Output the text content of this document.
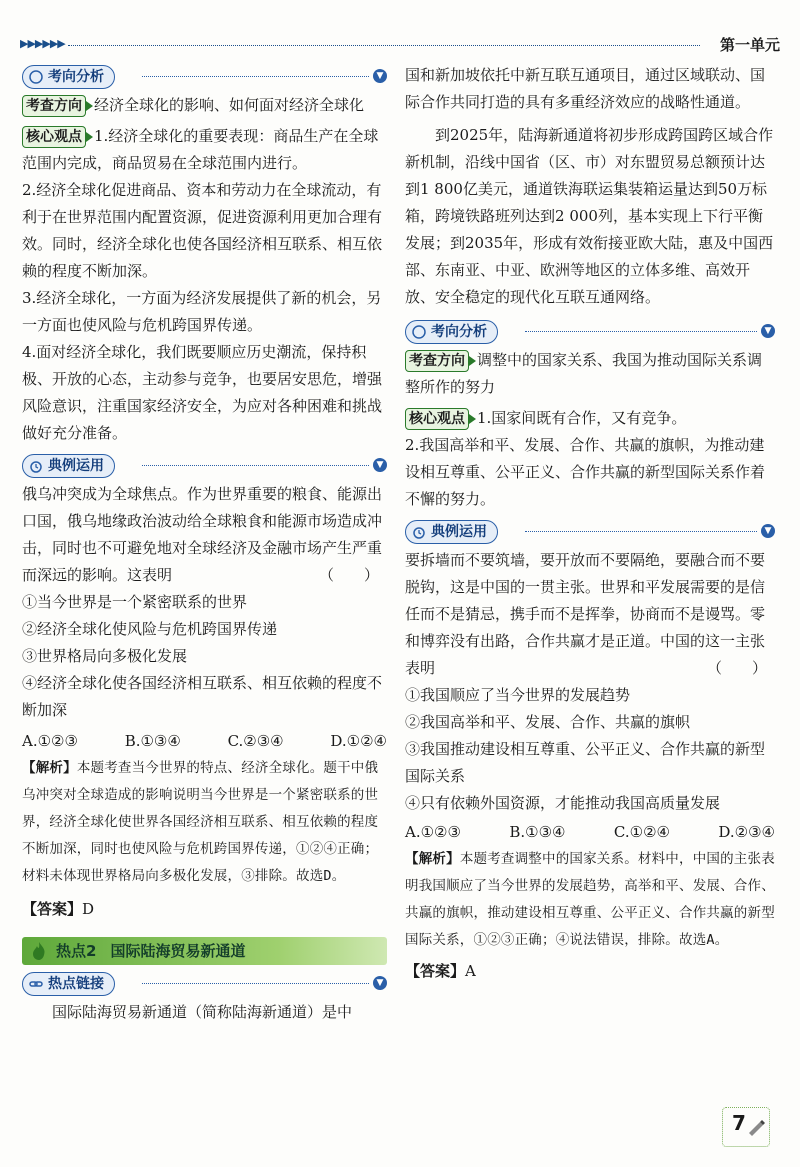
▶▶▶▶▶▶	第一单元
考向分析	▼

考查方向 经济全球化的影响、如何面对经济全球化

核心观点 1.经济全球化的重要表现：商品生产在全球范围内完成，商品贸易在全球范围内进行。

2.经济全球化促进商品、资本和劳动力在全球流动，有利于在世界范围内配置资源，促进资源利用更加合理有效。同时，经济全球化也使各国经济相互联系、相互依赖的程度不断加深。

3.经济全球化，一方面为经济发展提供了新的机会，另一方面也使风险与危机跨国界传递。

4.面对经济全球化，我们既要顺应历史潮流，保持积极、开放的心态，主动参与竞争，也要居安思危，增强风险意识，注重国家经济安全，为应对各种困难和挑战做好充分准备。

典例运用	▼

俄乌冲突成为全球焦点。作为世界重要的粮食、能源出口国，俄乌地缘政治波动给全球粮食和能源市场造成冲击，同时也不可避免地对全球经济及金融市场产生严重而深远的影响。这表明	（　　）

①当今世界是一个紧密联系的世界

②经济全球化使风险与危机跨国界传递

③世界格局向多极化发展

④经济全球化使各国经济相互联系、相互依赖的程度不断加深

A.①②③	B.①③④	C.②③④	D.①②④

【解析】本题考查当今世界的特点、经济全球化。题干中俄乌冲突对全球造成的影响说明当今世界是一个紧密联系的世界，经济全球化使世界各国经济相互联系、相互依赖的程度不断加深，同时也使风险与危机跨国界传递，①②④正确；材料未体现世界格局向多极化发展，③排除。故选D。

【答案】D

热点2 国际陆海贸易新通道
热点链接	▼

国际陆海贸易新通道（简称陆海新通道）是中

国和新加坡依托中新互联互通项目，通过区域联动、国际合作共同打造的具有多重经济效应的战略性通道。

到2025年，陆海新通道将初步形成跨国跨区域合作新机制，沿线中国省（区、市）对东盟贸易总额预计达到1 800亿美元，通道铁海联运集装箱运量达到50万标箱，跨境铁路班列达到2 000列，基本实现上下行平衡发展；到2035年，形成有效衔接亚欧大陆，惠及中国西部、东南亚、中亚、欧洲等地区的立体多维、高效开放、安全稳定的现代化互联互通网络。

考向分析	▼

考查方向 调整中的国家关系、我国为推动国际关系调整所作的努力

核心观点 1.国家间既有合作，又有竞争。

2.我国高举和平、发展、合作、共赢的旗帜，为推动建设相互尊重、公平正义、合作共赢的新型国际关系作着不懈的努力。

典例运用	▼

要拆墙而不要筑墙，要开放而不要隔绝，要融合而不要脱钩，这是中国的一贯主张。世界和平发展需要的是信任而不是猜忌，携手而不是挥拳，协商而不是谩骂。零和博弈没有出路，合作共赢才是正道。中国的这一主张表明	（　　）

①我国顺应了当今世界的发展趋势

②我国高举和平、发展、合作、共赢的旗帜

③我国推动建设相互尊重、公平正义、合作共赢的新型国际关系

④只有依赖外国资源，才能推动我国高质量发展

A.①②③	B.①③④	C.①②④	D.②③④

【解析】本题考查调整中的国家关系。材料中，中国的主张表明我国顺应了当今世界的发展趋势，高举和平、发展、合作、共赢的旗帜，推动建设相互尊重、公平正义、合作共赢的新型国际关系，①②③正确；④说法错误，排除。故选A。

【答案】A

7
